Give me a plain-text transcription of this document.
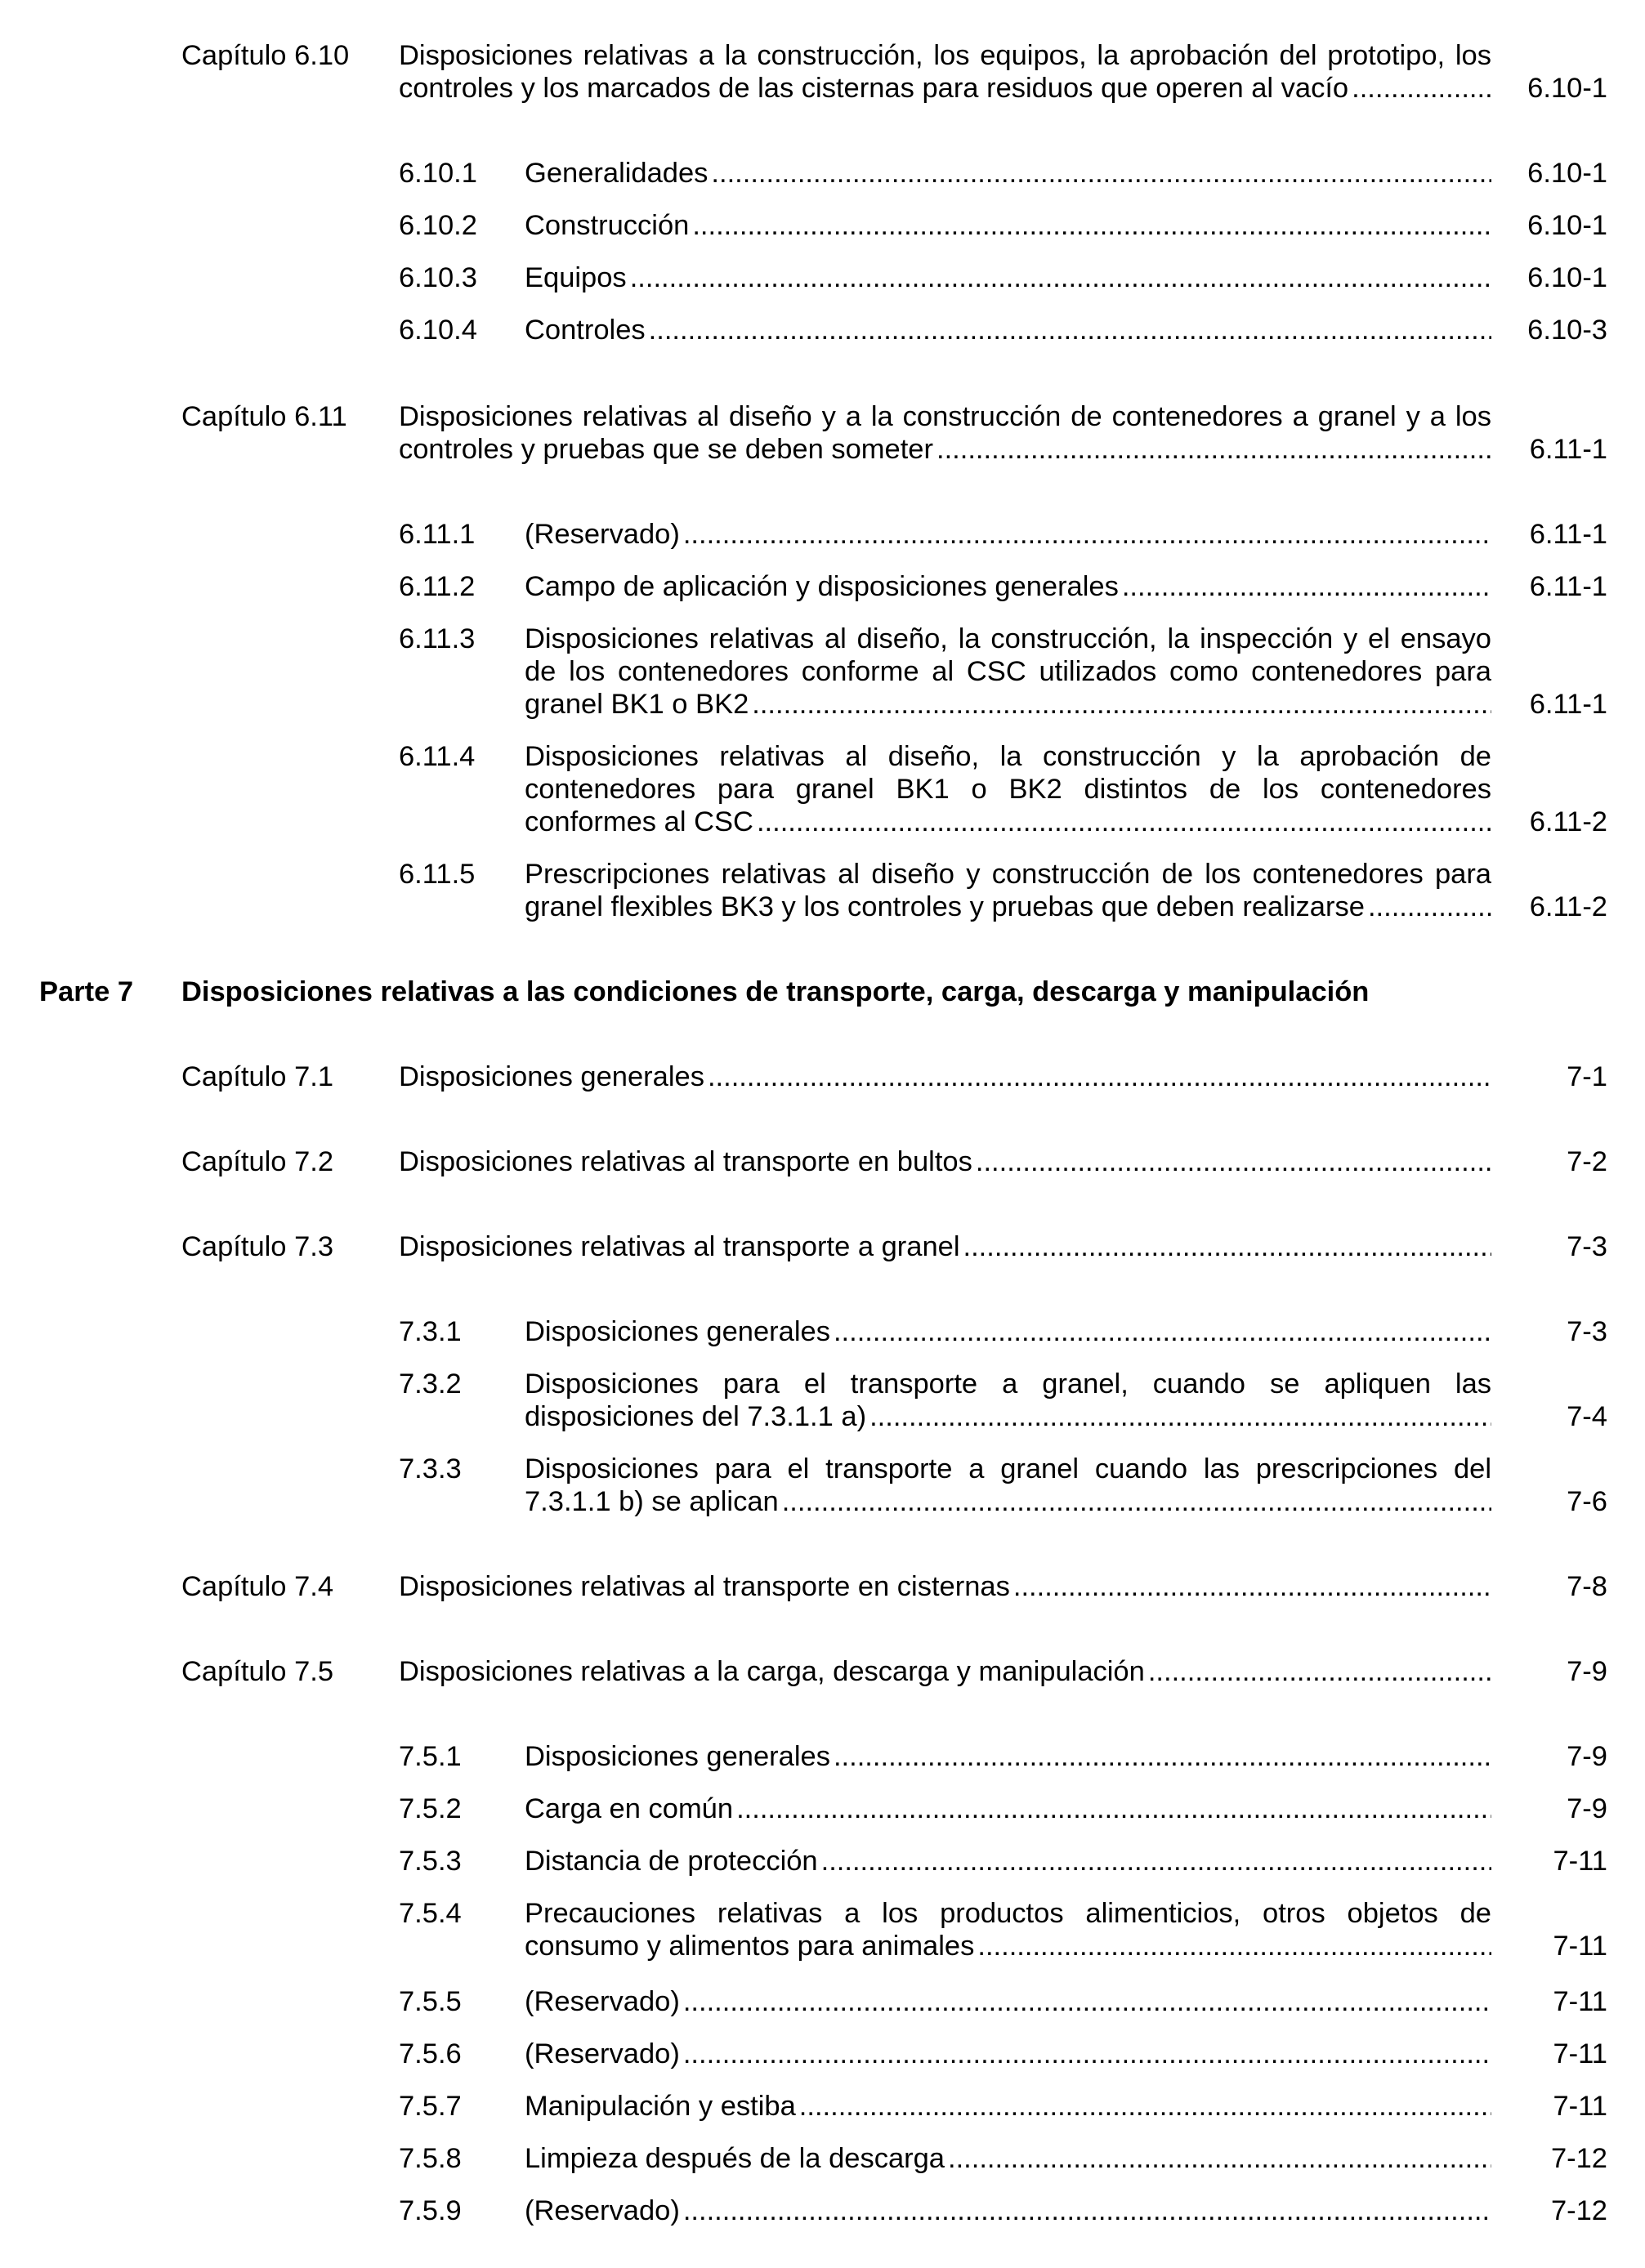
Capítulo 6.10 Disposiciones relativas a la construcción, los equipos, la aprobación del prototipo, los
controles y los marcados de las cisternas para residuos que operen al vacío .....	6.10-1
6.10.1 Generalidades .....	6.10-1
6.10.2 Construcción .....	6.10-1
6.10.3 Equipos .....	6.10-1
6.10.4 Controles .....	6.10-3
Capítulo 6.11 Disposiciones relativas al diseño y a la construcción de contenedores a granel y a los
controles y pruebas que se deben someter .....	6.11-1
6.11.1 (Reservado) .....	6.11-1
6.11.2 Campo de aplicación y disposiciones generales .....	6.11-1
6.11.3 Disposiciones relativas al diseño, la construcción, la inspección y el ensayo
de los contenedores conforme al CSC utilizados como contenedores para
granel BK1 o BK2 .....	6.11-1
6.11.4 Disposiciones relativas al diseño, la construcción y la aprobación de
contenedores para granel BK1 o BK2 distintos de los contenedores
conformes al CSC .....	6.11-2
6.11.5 Prescripciones relativas al diseño y construcción de los contenedores para
granel flexibles BK3 y los controles y pruebas que deben realizarse .....	6.11-2
Parte 7 Disposiciones relativas a las condiciones de transporte, carga, descarga y manipulación
Capítulo 7.1 Disposiciones generales .....	7-1
Capítulo 7.2 Disposiciones relativas al transporte en bultos .....	7-2
Capítulo 7.3 Disposiciones relativas al transporte a granel .....	7-3
7.3.1 Disposiciones generales .....	7-3
7.3.2 Disposiciones para el transporte a granel, cuando se apliquen las
disposiciones del 7.3.1.1 a) .....	7-4
7.3.3 Disposiciones para el transporte a granel cuando las prescripciones del
7.3.1.1 b) se aplican .....	7-6
Capítulo 7.4 Disposiciones relativas al transporte en cisternas .....	7-8
Capítulo 7.5 Disposiciones relativas a la carga, descarga y manipulación .....	7-9
7.5.1 Disposiciones generales .....	7-9
7.5.2 Carga en común .....	7-9
7.5.3 Distancia de protección .....	7-11
7.5.4 Precauciones relativas a los productos alimenticios, otros objetos de
consumo y alimentos para animales .....	7-11
7.5.5 (Reservado) .....	7-11
7.5.6 (Reservado) .....	7-11
7.5.7 Manipulación y estiba .....	7-11
7.5.8 Limpieza después de la descarga .....	7-12
7.5.9 (Reservado) .....	7-12
